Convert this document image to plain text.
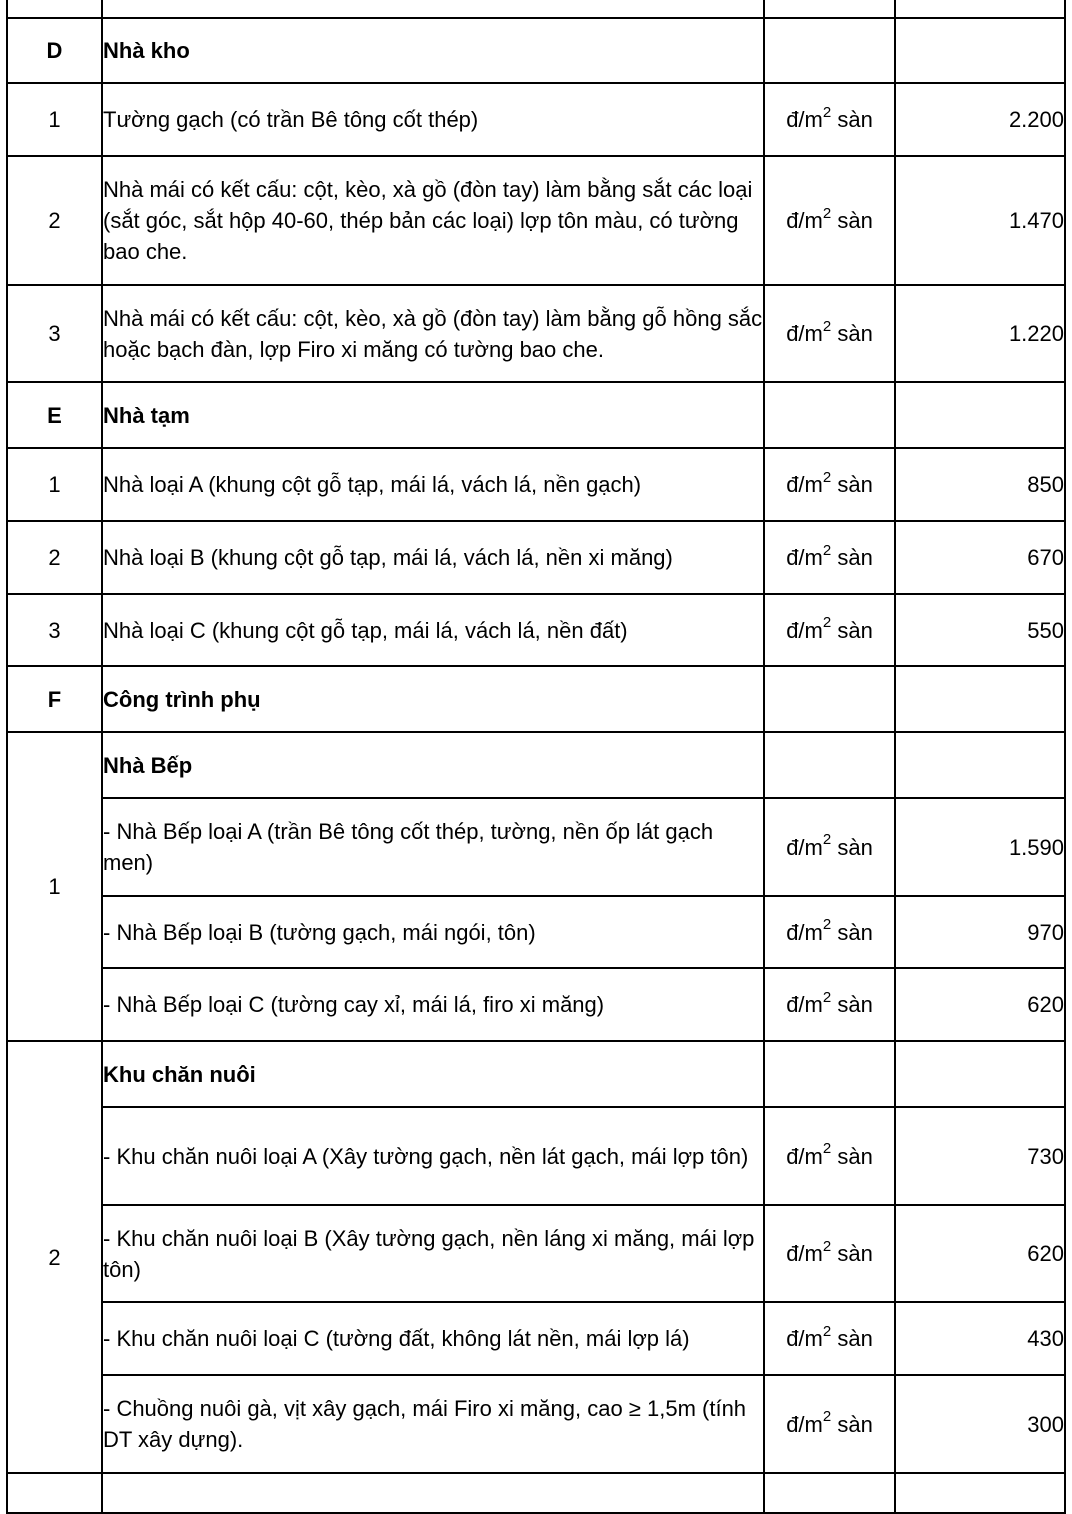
D	Nhà kho		
1	Tường gạch (có trần Bê tông cốt thép)	$đ/m^2$ sàn	2.200
2	Nhà mái có kết cấu: cột, kèo, xà gồ (đòn tay) làm bằng sắt các loại (sắt góc, sắt hộp 40-60, thép bản các loại) lợp tôn màu, có tường bao che.	$đ/m^2$ sàn	1.470
3	Nhà mái có kết cấu: cột, kèo, xà gồ (đòn tay) làm bằng gỗ hồng sắc hoặc bạch đàn, lợp Firo xi măng có tường bao che.	$đ/m^2$ sàn	1.220
E	Nhà tạm		
1	Nhà loại A (khung cột gỗ tạp, mái lá, vách lá, nền gạch)	$đ/m^2$ sàn	850
2	Nhà loại B (khung cột gỗ tạp, mái lá, vách lá, nền xi măng)	$đ/m^2$ sàn	670
3	Nhà loại C (khung cột gỗ tạp, mái lá, vách lá, nền đất)	$đ/m^2$ sàn	550
F	Công trình phụ		
1	Nhà Bếp		
	- Nhà Bếp loại A (trần Bê tông cốt thép, tường, nền ốp lát gạch men)	$đ/m^2$ sàn	1.590
	- Nhà Bếp loại B (tường gạch, mái ngói, tôn)	$đ/m^2$ sàn	970
	- Nhà Bếp loại C (tường cay xỉ, mái lá, firo xi măng)	$đ/m^2$ sàn	620
2	Khu chăn nuôi		
	- Khu chăn nuôi loại A (Xây tường gạch, nền lát gạch, mái lợp tôn)	$đ/m^2$ sàn	730
	- Khu chăn nuôi loại B (Xây tường gạch, nền láng xi măng, mái lợp tôn)	$đ/m^2$ sàn	620
	- Khu chăn nuôi loại C (tường đất, không lát nền, mái lợp lá)	$đ/m^2$ sàn	430
	- Chuồng nuôi gà, vịt xây gạch, mái Firo xi măng, cao ≥ 1,5m (tính DT xây dựng).	$đ/m^2$ sàn	300
